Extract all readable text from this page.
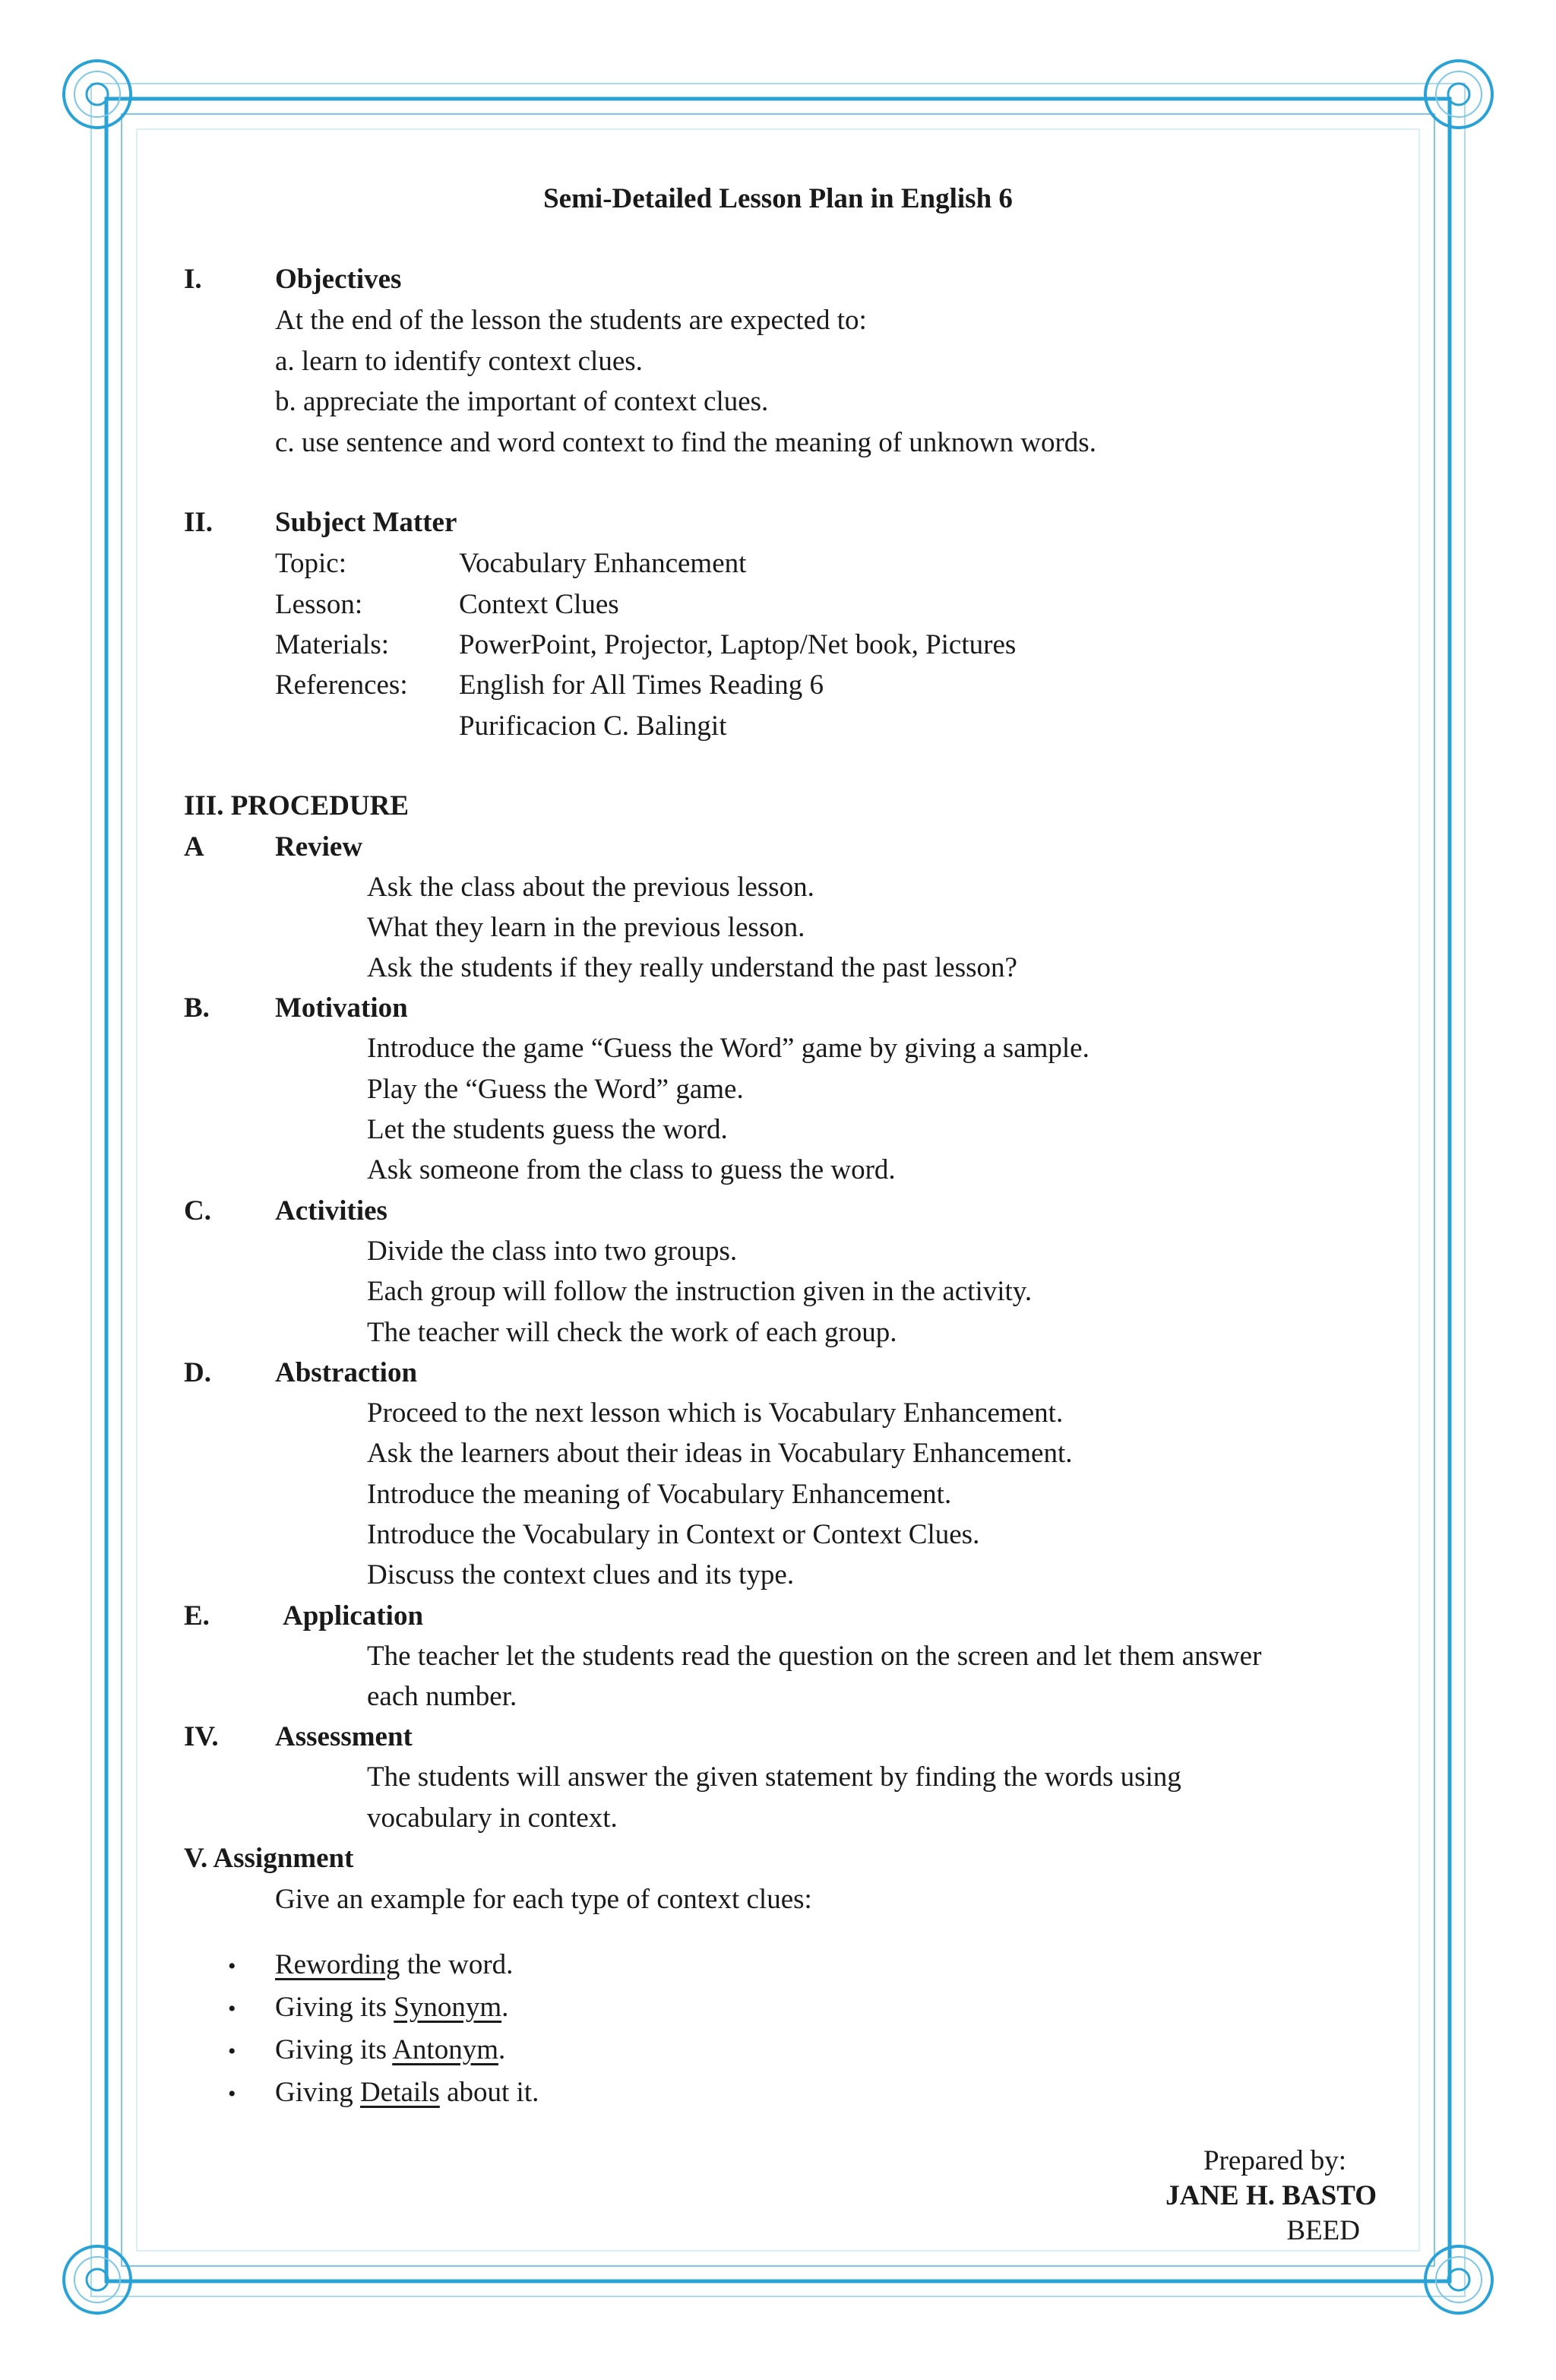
Semi-Detailed Lesson Plan in English 6
I.	Objectives
At the end of the lesson the students are expected to:
a. learn to identify context clues.
b. appreciate the important of context clues.
c. use sentence and word context to find the meaning of unknown words.
II. Subject Matter
Topic:	Vocabulary Enhancement
Lesson:	Context Clues
Materials: PowerPoint, Projector, Laptop/Net book, Pictures
References: English for All Times Reading 6
Purificacion C. Balingit
III. PROCEDURE
A	Review
Ask the class about the previous lesson.
What they learn in the previous lesson.
Ask the students if they really understand the past lesson?
B. Motivation
Introduce the game “Guess the Word” game by giving a sample.
Play the “Guess the Word” game.
Let the students guess the word.
Ask someone from the class to guess the word.
C. Activities
Divide the class into two groups.
Each group will follow the instruction given in the activity.
The teacher will check the work of each group.
D. Abstraction
Proceed to the next lesson which is Vocabulary Enhancement.
Ask the learners about their ideas in Vocabulary Enhancement.
Introduce the meaning of Vocabulary Enhancement.
Introduce the Vocabulary in Context or Context Clues.
Discuss the context clues and its type.
E.	Application
The teacher let the students read the question on the screen and let them answer
each number.
IV. Assessment
The students will answer the given statement by finding the words using
vocabulary in context.
V. Assignment
Give an example for each type of context clues:
• Rewording the word.
• Giving its Synonym.
• Giving its Antonym.
• Giving Details about it.
Prepared by:
JANE H. BASTO
BEED
